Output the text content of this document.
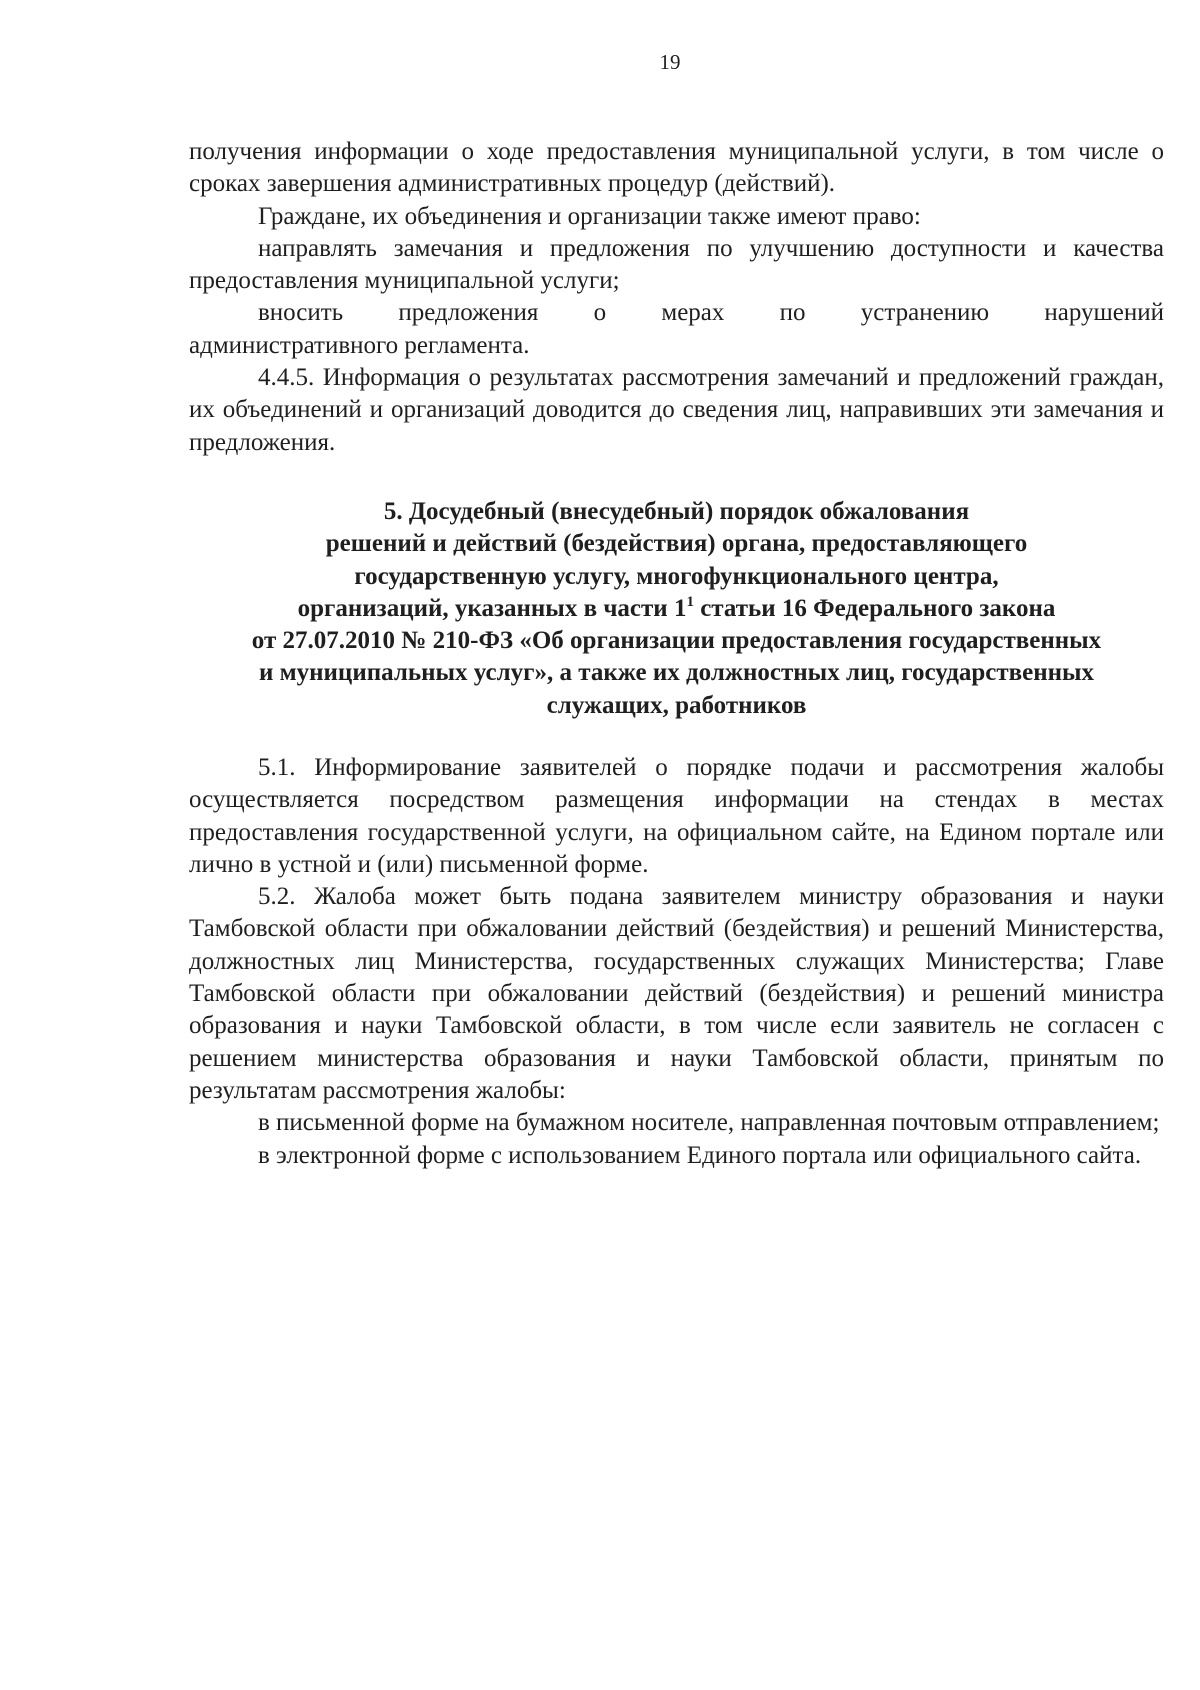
19

получения информации о ходе предоставления муниципальной услуги, в том числе о сроках завершения административных процедур (действий).

Граждане, их объединения и организации также имеют право:

направлять замечания и предложения по улучшению доступности и качества предоставления муниципальной услуги;

вносить предложения о мерах по устранению нарушений

административного регламента.

4.4.5. Информация о результатах рассмотрения замечаний и предложений граждан, их объединений и организаций доводится до сведения лиц, направивших эти замечания и предложения.

5. Досудебный (внесудебный) порядок обжалования
решений и действий (бездействия) органа, предоставляющего
государственную услугу, многофункционального центра,
организаций, указанных в части $1^1$ статьи 16 Федерального закона
от 27.07.2010 № 210-ФЗ «Об организации предоставления государственных
и муниципальных услуг», а также их должностных лиц, государственных
служащих, работников

5.1. Информирование заявителей о порядке подачи и рассмотрения жалобы осуществляется посредством размещения информации на стендах в местах предоставления государственной услуги, на официальном сайте, на Едином портале или лично в устной и (или) письменной форме.

5.2. Жалоба может быть подана заявителем министру образования и науки Тамбовской области при обжаловании действий (бездействия) и решений Министерства, должностных лиц Министерства, государственных служащих Министерства; Главе Тамбовской области при обжаловании действий (бездействия) и решений министра образования и науки Тамбовской области, в том числе если заявитель не согласен с решением министерства образования и науки Тамбовской области, принятым по результатам рассмотрения жалобы:

в письменной форме на бумажном носителе, направленная почтовым отправлением;

в электронной форме с использованием Единого портала или официального сайта.
